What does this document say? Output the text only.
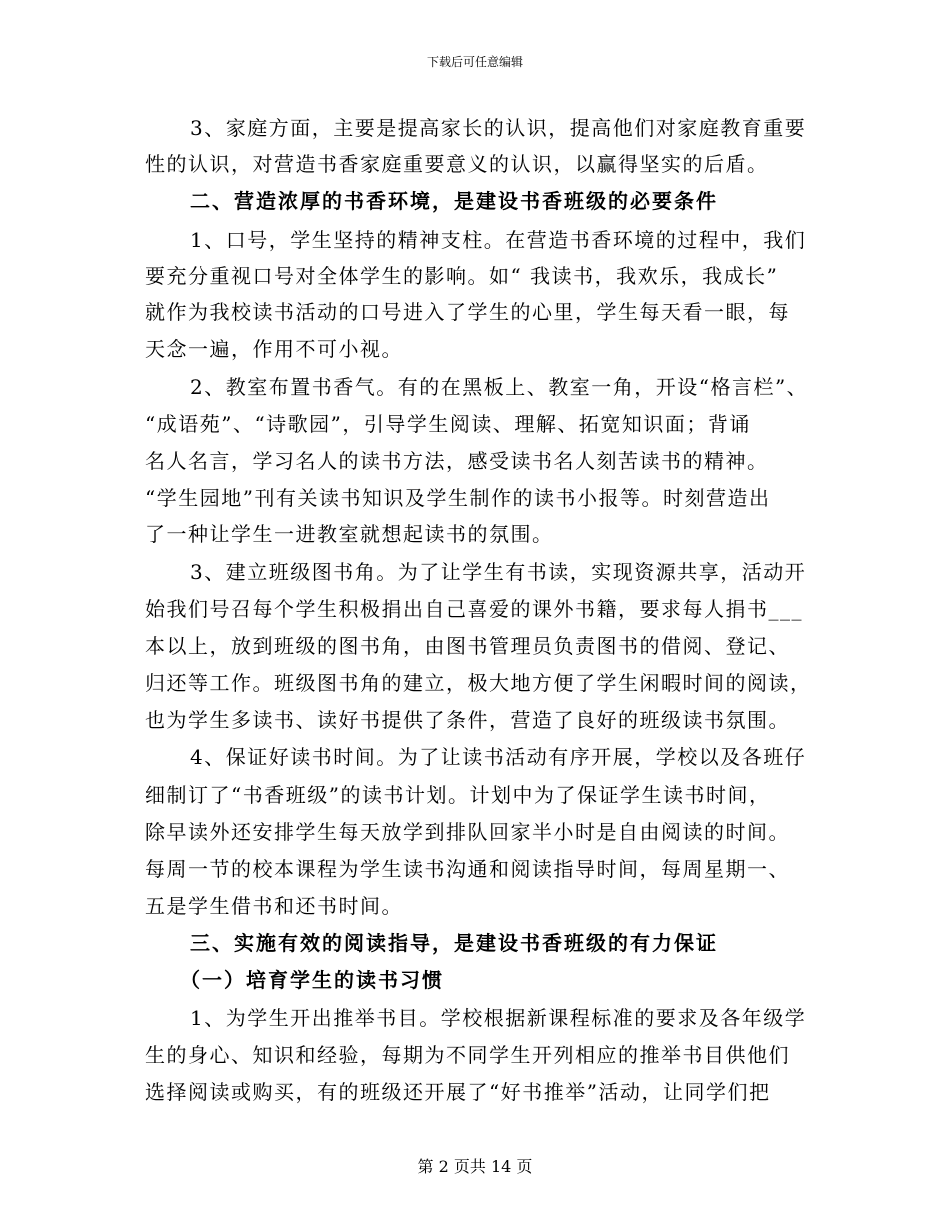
下载后可任意编辑
3、家庭方面，主要是提高家长的认识，提高他们对家庭教育重要
性的认识，对营造书香家庭重要意义的认识，以赢得坚实的后盾。
二、营造浓厚的书香环境，是建设书香班级的必要条件
1、口号，学生坚持的精神支柱。在营造书香环境的过程中，我们
要充分重视口号对全体学生的影响。如“ 我读书，我欢乐，我成长”
就作为我校读书活动的口号进入了学生的心里，学生每天看一眼，每
天念一遍，作用不可小视。
2、教室布置书香气。有的在黑板上、教室一角，开设“格言栏”、
“成语苑”、“诗歌园”，引导学生阅读、理解、拓宽知识面；背诵
名人名言，学习名人的读书方法，感受读书名人刻苦读书的精神。
“学生园地”刊有关读书知识及学生制作的读书小报等。时刻营造出
了一种让学生一进教室就想起读书的氛围。
3、建立班级图书角。为了让学生有书读，实现资源共享，活动开
始我们号召每个学生积极捐出自己喜爱的课外书籍，要求每人捐书___
本以上，放到班级的图书角，由图书管理员负责图书的借阅、登记、
归还等工作。班级图书角的建立，极大地方便了学生闲暇时间的阅读，
也为学生多读书、读好书提供了条件，营造了良好的班级读书氛围。
4、保证好读书时间。为了让读书活动有序开展，学校以及各班仔
细制订了“书香班级”的读书计划。计划中为了保证学生读书时间，
除早读外还安排学生每天放学到排队回家半小时是自由阅读的时间。
每周一节的校本课程为学生读书沟通和阅读指导时间，每周星期一、
五是学生借书和还书时间。
三、实施有效的阅读指导，是建设书香班级的有力保证
（一）培育学生的读书习惯
1、为学生开出推举书目。学校根据新课程标准的要求及各年级学
生的身心、知识和经验，每期为不同学生开列相应的推举书目供他们
选择阅读或购买，有的班级还开展了“好书推举”活动，让同学们把
第 2 页共 14 页
